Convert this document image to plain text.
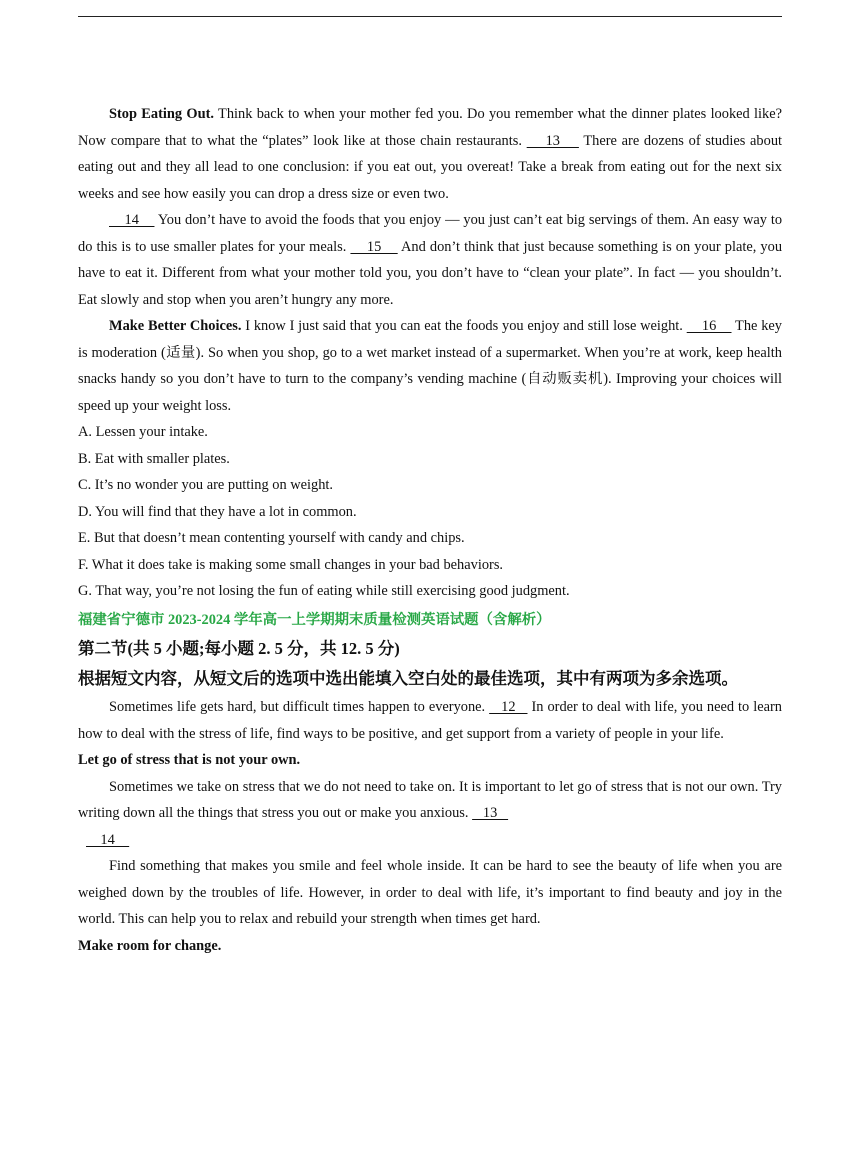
Stop Eating Out. Think back to when your mother fed you. Do you remember what the dinner plates looked like? Now compare that to what the “plates” look like at those chain restaurants.     13     There are dozens of studies about eating out and they all lead to one conclusion: if you eat out, you overeat! Take a break from eating out for the next six weeks and see how easily you can drop a dress size or even two.

14     You don’t have to avoid the foods that you enjoy — you just can’t eat big servings of them. An easy way to do this is to use smaller plates for your meals.     15     And don’t think that just because something is on your plate, you have to eat it. Different from what your mother told you, you don’t have to “clean your plate”. In fact — you shouldn’t. Eat slowly and stop when you aren’t hungry any more.

Make Better Choices. I know I just said that you can eat the foods you enjoy and still lose weight.     16     The key is moderation (适量). So when you shop, go to a wet market instead of a supermarket. When you’re at work, keep health snacks handy so you don’t have to turn to the company’s vending machine (自动贩卖机). Improving your choices will speed up your weight loss.

A. Lessen your intake.

B. Eat with smaller plates.

C. It’s no wonder you are putting on weight.

D. You will find that they have a lot in common.

E. But that doesn’t mean contenting yourself with candy and chips.

F. What it does take is making some small changes in your bad behaviors.

G. That way, you’re not losing the fun of eating while still exercising good judgment.

福建省宁德市 2023-2024 学年高一上学期期末质量检测英语试题（含解析）

第二节(共 5 小题;每小题 2. 5 分，共 12. 5 分)

根据短文内容，从短文后的选项中选出能填入空白处的最佳选项，其中有两项为多余选项。

Sometimes life gets hard, but difficult times happen to everyone.    12    In order to deal with life, you need to learn how to deal with the stress of life, find ways to be positive, and get support from a variety of people in your life.

Let go of stress that is not your own.

Sometimes we take on stress that we do not need to take on. It is important to let go of stress that is not our own. Try writing down all the things that stress you out or make you anxious.    13

14

Find something that makes you smile and feel whole inside. It can be hard to see the beauty of life when you are weighed down by the troubles of life. However, in order to deal with life, it’s important to find beauty and joy in the world. This can help you to relax and rebuild your strength when times get hard.

Make room for change.
